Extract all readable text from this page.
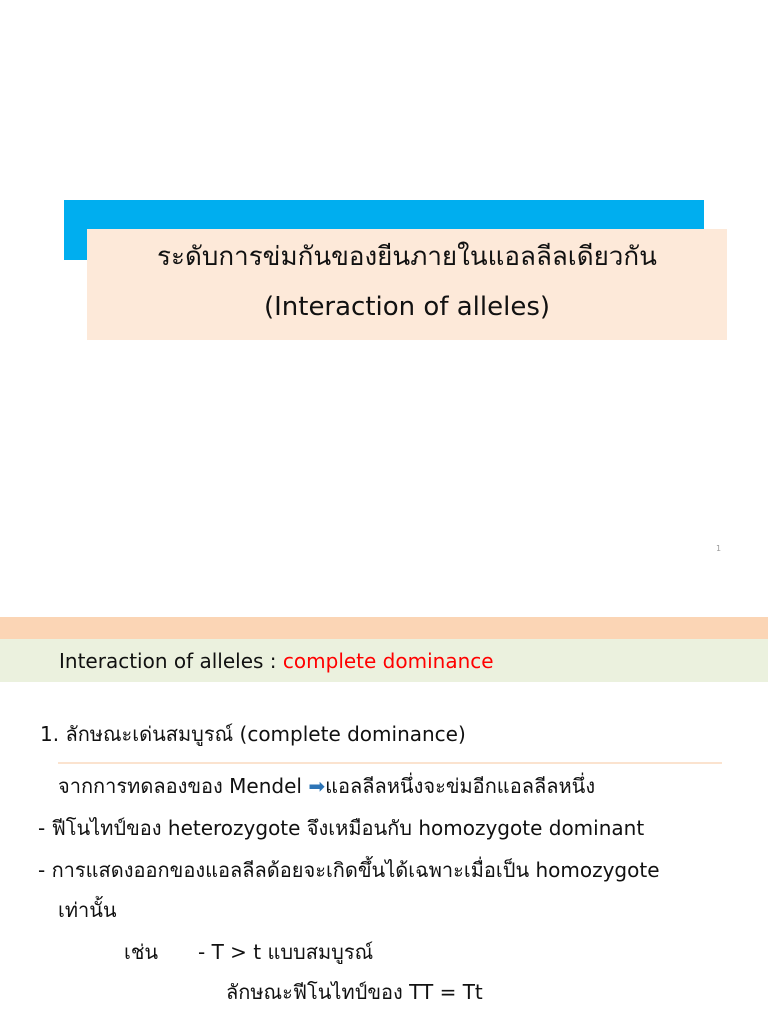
ระดับการข่มกันของยีนภายในแอลลีลเดียวกัน
(Interaction of alleles)
1
Interaction of alleles : complete dominance
1. ลักษณะเด่นสมบูรณ์ (complete dominance)
จากการทดลองของ Mendel ➡แอลลีลหนึ่งจะข่มอีกแอลลีลหนึ่ง
- ฟีโนไทป์ของ heterozygote จึงเหมือนกับ homozygote dominant
- การแสดงออกของแอลลีลด้อยจะเกิดขึ้นได้เฉพาะเมื่อเป็น homozygote
เท่านั้น
เช่น - T > t แบบสมบูรณ์
ลักษณะฟีโนไทป์ของ TT = Tt
